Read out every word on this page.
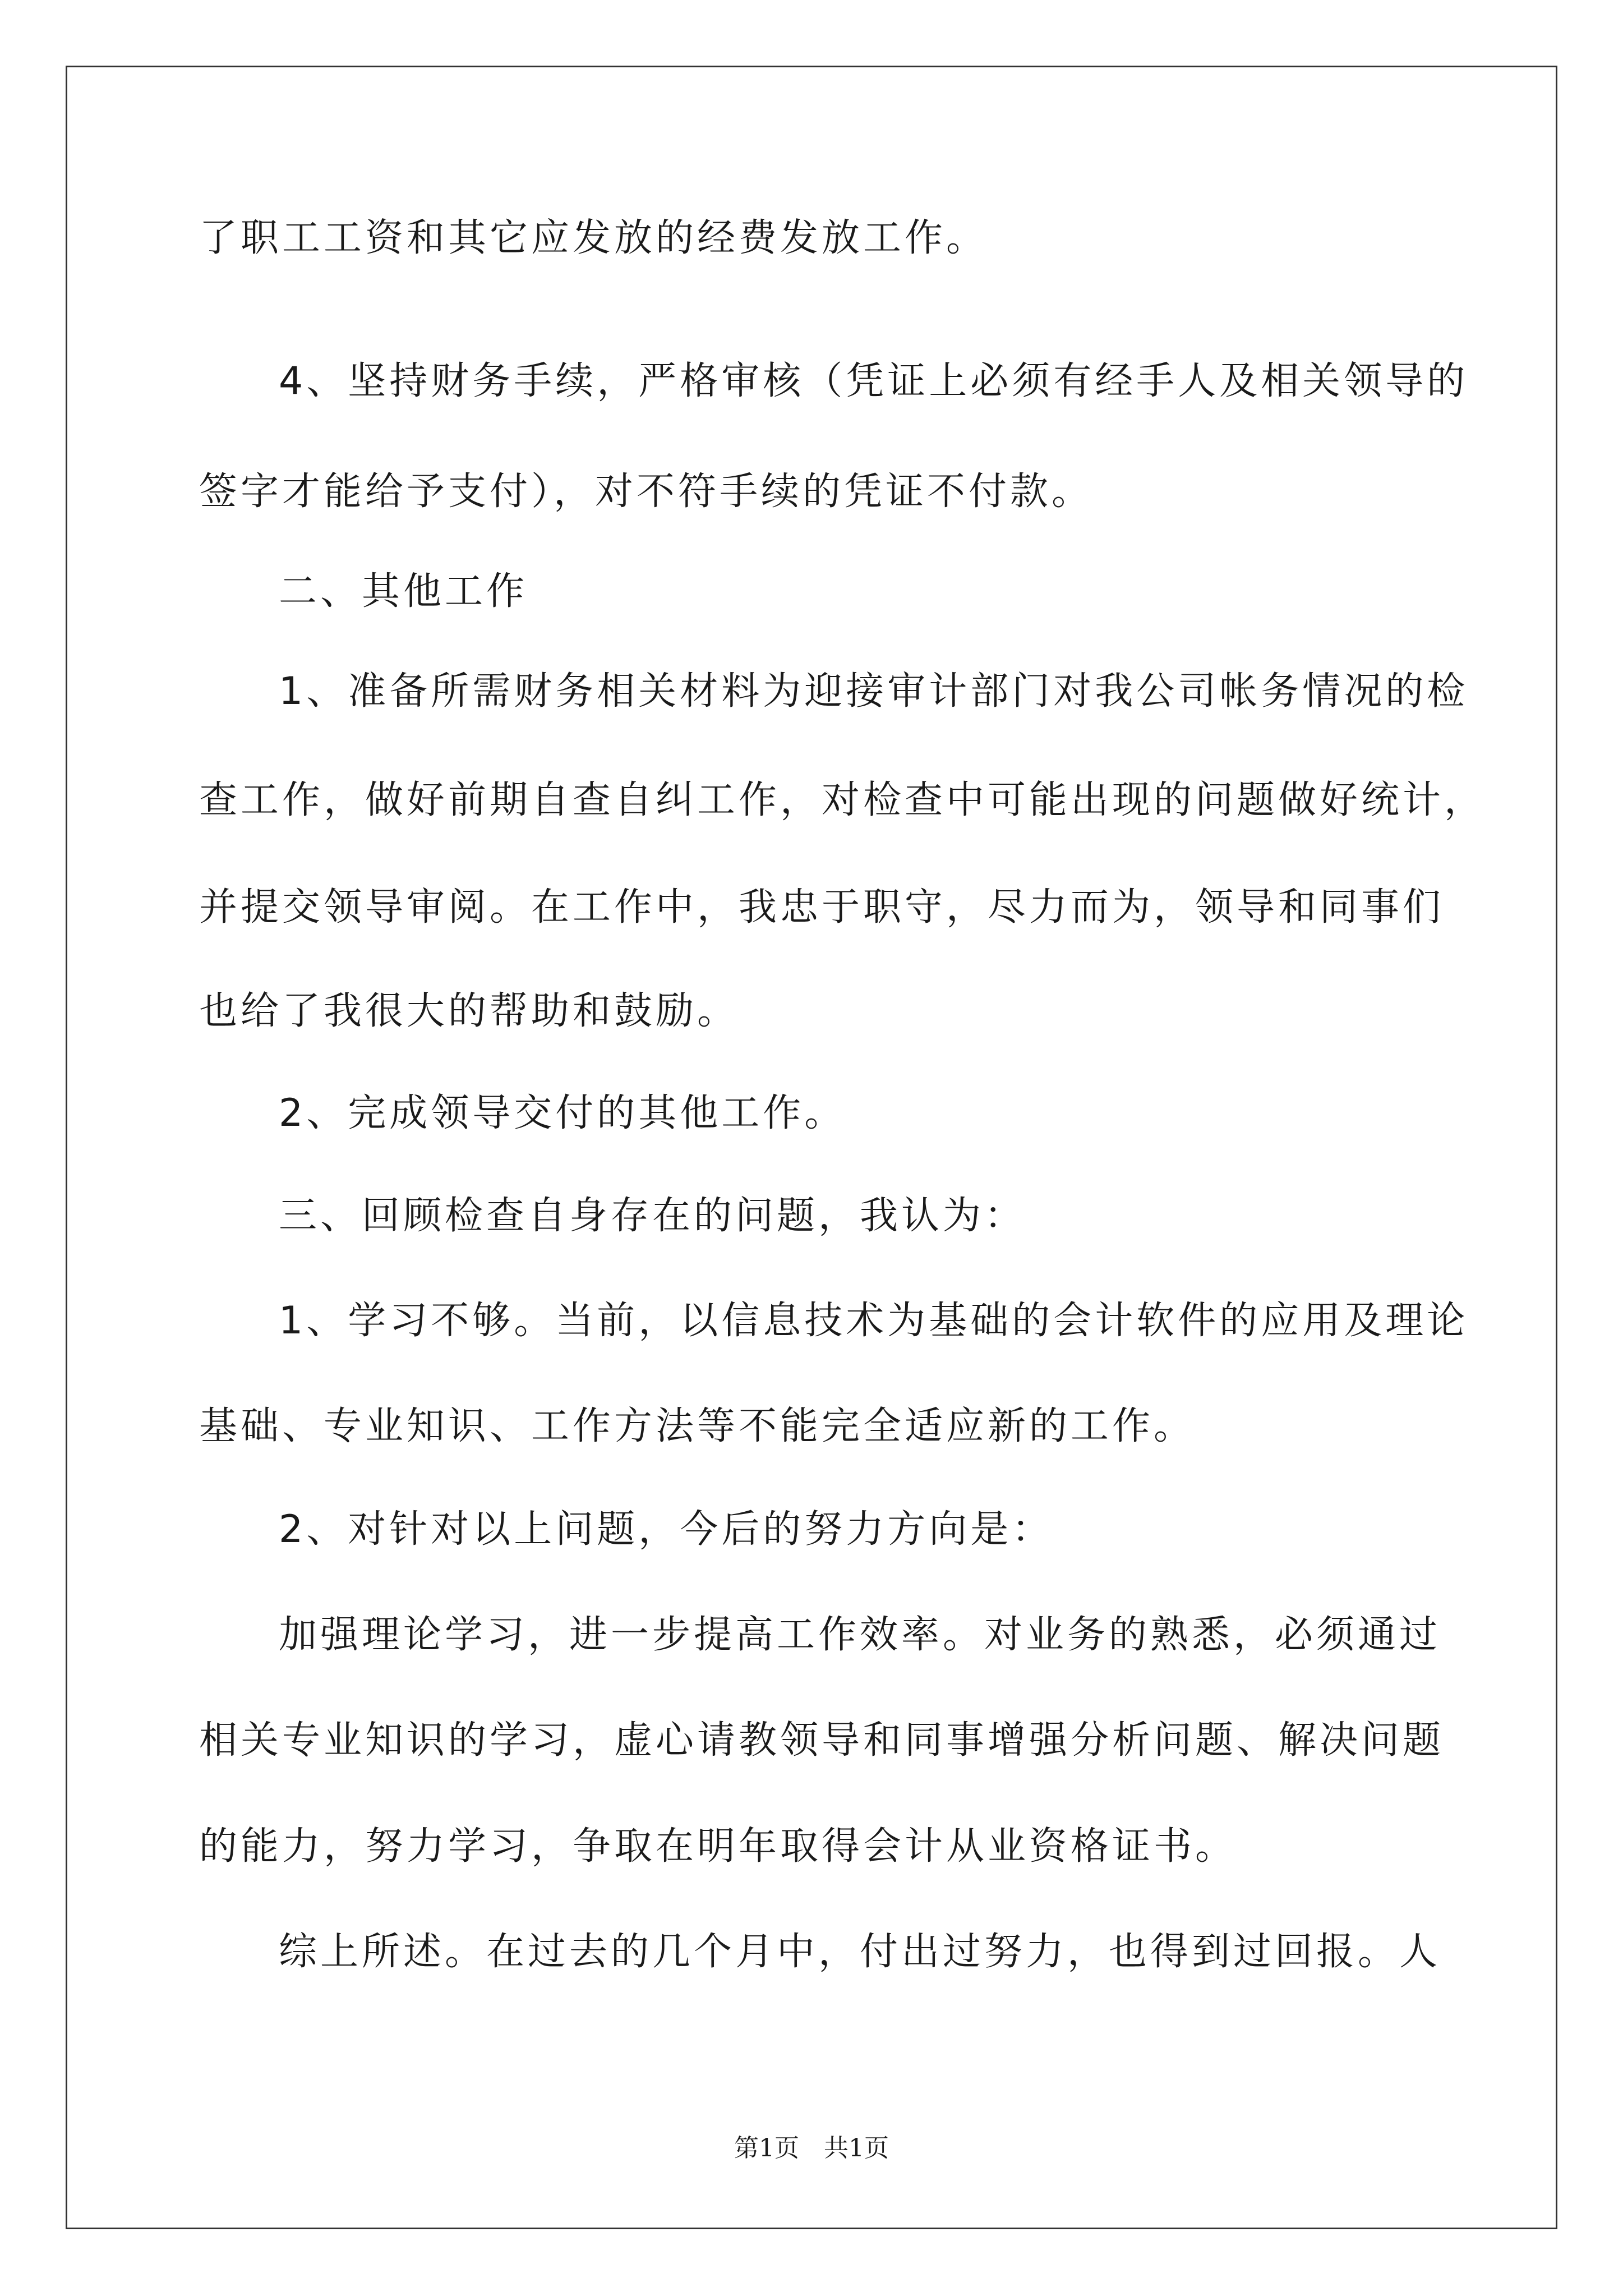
了职工工资和其它应发放的经费发放工作。
4、坚持财务手续，严格审核（凭证上必须有经手人及相关领导的
签字才能给予支付），对不符手续的凭证不付款。
二、其他工作
1、准备所需财务相关材料为迎接审计部门对我公司帐务情况的检
查工作，做好前期自查自纠工作，对检查中可能出现的问题做好统计，
并提交领导审阅。在工作中，我忠于职守，尽力而为，领导和同事们
也给了我很大的帮助和鼓励。
2、完成领导交付的其他工作。
三、回顾检查自身存在的问题，我认为：
1、学习不够。当前，以信息技术为基础的会计软件的应用及理论
基础、专业知识、工作方法等不能完全适应新的工作。
2、对针对以上问题，今后的努力方向是：
加强理论学习，进一步提高工作效率。对业务的熟悉，必须通过
相关专业知识的学习，虚心请教领导和同事增强分析问题、解决问题
的能力，努力学习，争取在明年取得会计从业资格证书。
综上所述。在过去的几个月中，付出过努力，也得到过回报。人
第1页　共1页
